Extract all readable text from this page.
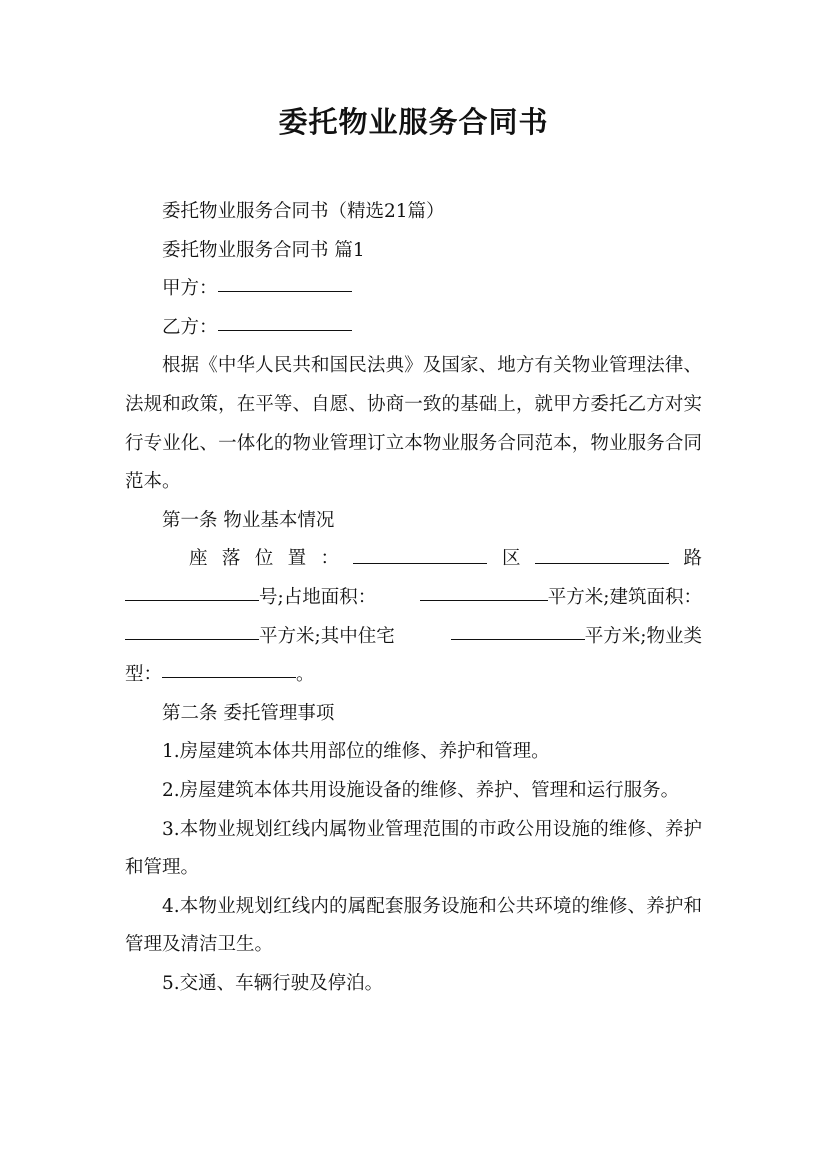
委托物业服务合同书

委托物业服务合同书（精选21篇）

委托物业服务合同书 篇1

甲方：

乙方：

根据《中华人民共和国民法典》及国家、地方有关物业管理法律、法规和政策，在平等、自愿、协商一致的基础上，就甲方委托乙方对实行专业化、一体化的物业管理订立本物业服务合同范本，物业服务合同范本。

第一条 物业基本情况

座 落 位 置 ：	区	路
号;占地面积：	平方米;建筑面积：
平方米;其中住宅	平方米;物业类
型：	。

第二条 委托管理事项

1.房屋建筑本体共用部位的维修、养护和管理。

2.房屋建筑本体共用设施设备的维修、养护、管理和运行服务。

3.本物业规划红线内属物业管理范围的市政公用设施的维修、养护和管理。

4.本物业规划红线内的属配套服务设施和公共环境的维修、养护和管理及清洁卫生。

5.交通、车辆行驶及停泊。
